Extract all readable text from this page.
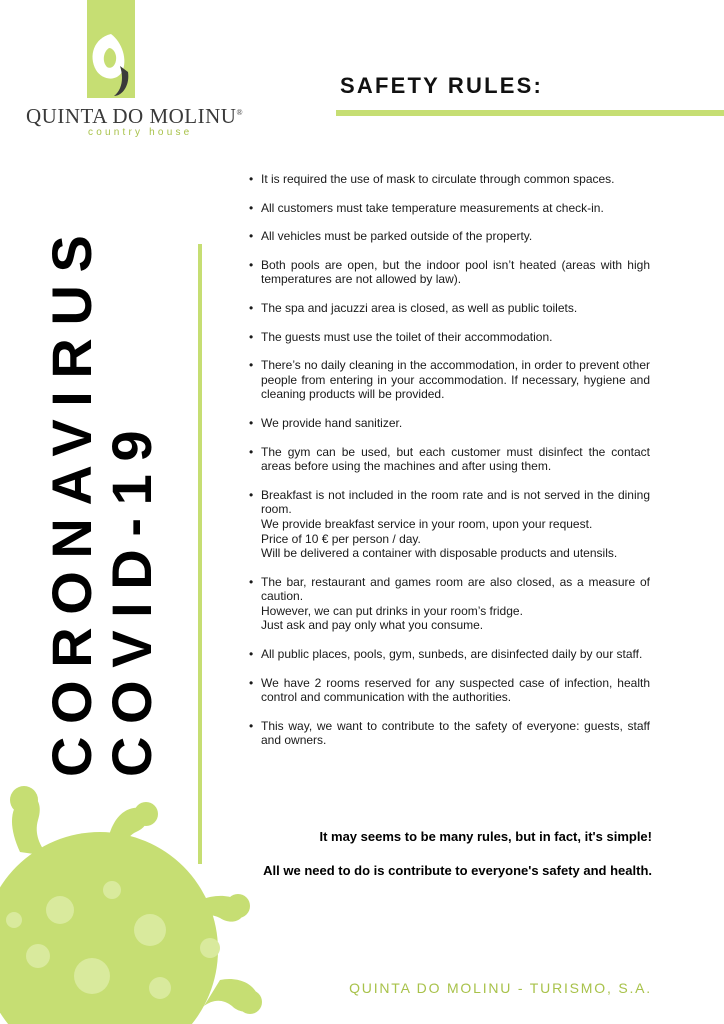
QUINTA DO MOLINU®
country house
SAFETY RULES:
CORONAVIRUS
COVID-19
• It is required the use of mask to circulate through common spaces.
• All customers must take temperature measurements at check-in.
• All vehicles must be parked outside of the property.
• Both pools are open, but the indoor pool isn’t heated (areas with high temperatures are not allowed by law).
• The spa and jacuzzi area is closed, as well as public toilets.
• The guests must use the toilet of their accommodation.
• There’s no daily cleaning in the accommodation, in order to prevent other people from entering in your accommodation. If necessary, hygiene and cleaning products will be provided.
• We provide hand sanitizer.
• The gym can be used, but each customer must disinfect the contact areas before using the machines and after using them.
• Breakfast is not included in the room rate and is not served in the dining room.
We provide breakfast service in your room, upon your request.
Price of 10 € per person / day.
Will be delivered a container with disposable products and utensils.
• The bar, restaurant and games room are also closed, as a measure of caution.
However, we can put drinks in your room’s fridge.
Just ask and pay only what you consume.
• All public places, pools, gym, sunbeds, are disinfected daily by our staff.
• We have 2 rooms reserved for any suspected case of infection, health control and communication with the authorities.
• This way, we want to contribute to the safety of everyone: guests, staff and owners.
It may seems to be many rules, but in fact, it's simple!
All we need to do is contribute to everyone's safety and health.
QUINTA DO MOLINU - TURISMO, S.A.
